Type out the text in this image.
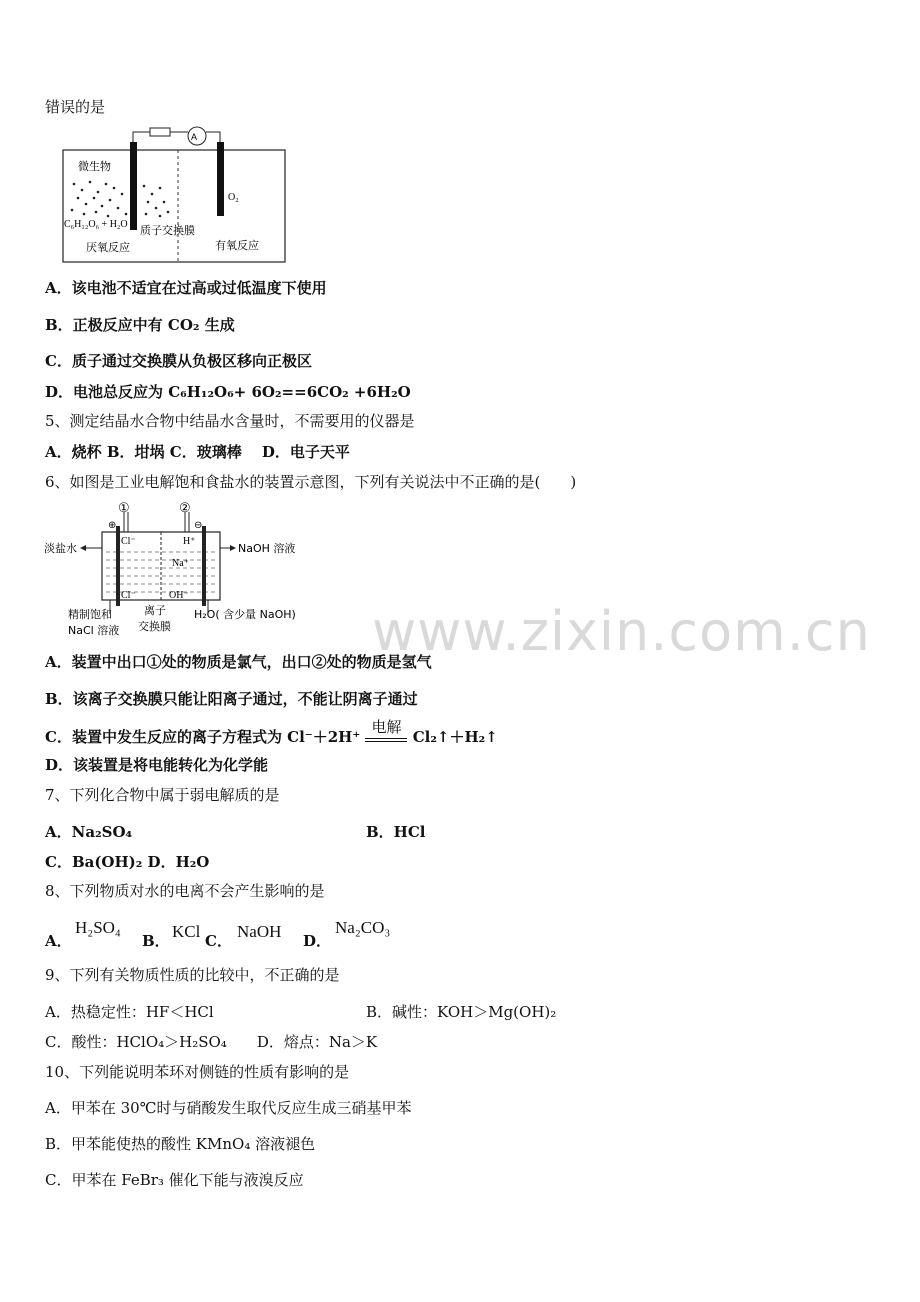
错误的是
A
微生物
C₆H₁₂O₆ + H₂O 质子交换膜
O₂
厌氧反应	有氧反应
A．该电池不适宜在过高或过低温度下使用
B．正极反应中有 CO₂ 生成
C．质子通过交换膜从负极区移向正极区
D．电池总反应为 C₆H₁₂O₆+ 6O₂==6CO₂ +6H₂O
5、测定结晶水合物中结晶水含量时，不需要用的仪器是
A．烧杯 B．坩埚 C．玻璃棒　 D．电子天平
6、如图是工业电解饱和食盐水的装置示意图，下列有关说法中不正确的是(　　)
①	②
⊕	⊖
Cl⁻	H⁺
Na⁺
Cl⁻	OH⁻
淡盐水	NaOH 溶液
精制饱和
NaCl 溶液
离子
交换膜
H₂O( 含少量 NaOH)
A．装置中出口①处的物质是氯气，出口②处的物质是氢气
B．该离子交换膜只能让阳离子通过，不能让阴离子通过
C．装置中发生反应的离子方程式为 Cl⁻＋2H⁺
电解
Cl₂↑＋H₂↑
D．该装置是将电能转化为化学能
7、下列化合物中属于弱电解质的是
A．Na₂SO₄	B．HCl
C．Ba(OH)₂ D．H₂O
8、下列物质对水的电离不会产生影响的是
A．
H₂SO₄
B． KCl C． NaOH D．
Na₂CO₃
9、下列有关物质性质的比较中，不正确的是
A．热稳定性：HF＜HCl	B．碱性：KOH＞Mg(OH)₂
C．酸性：HClO₄＞H₂SO₄　　D．熔点：Na＞K
10、下列能说明苯环对侧链的性质有影响的是
A．甲苯在 30℃时与硝酸发生取代反应生成三硝基甲苯
B．甲苯能使热的酸性 KMnO₄ 溶液褪色
C．甲苯在 FeBr₃ 催化下能与液溴反应
www.zixin.com.cn
